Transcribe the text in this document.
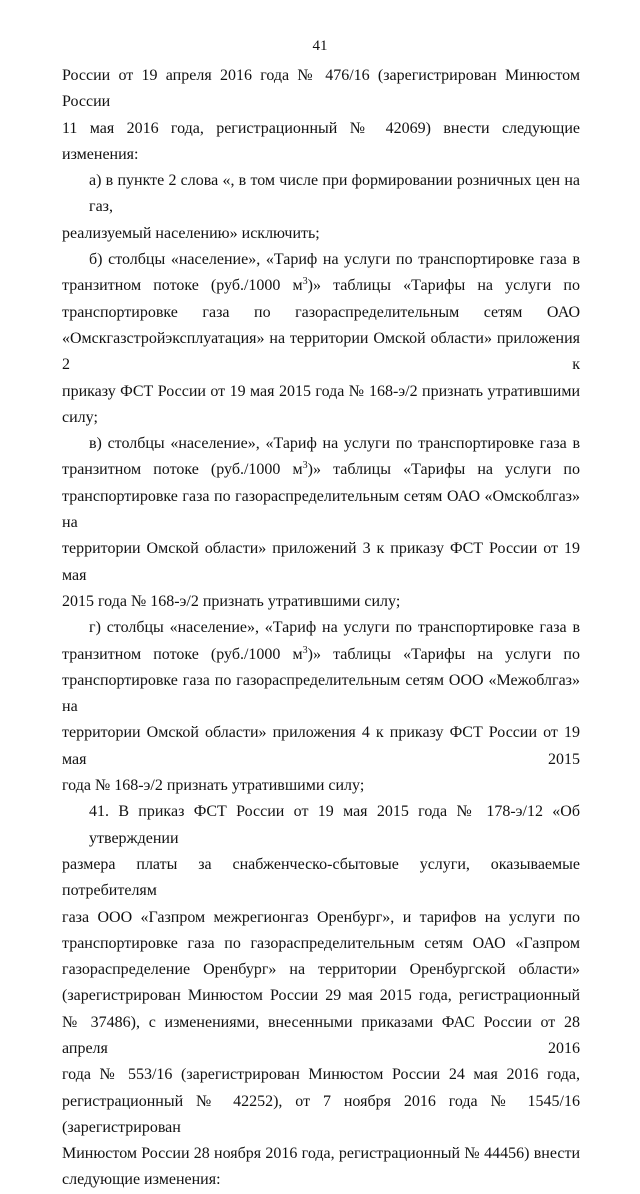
41

России от 19 апреля 2016 года № 476/16 (зарегистрирован Минюстом России
11 мая 2016 года, регистрационный № 42069) внести следующие изменения:

а) в пункте 2 слова «, в том числе при формировании розничных цен на газ,
реализуемый населению» исключить;

б) столбцы «население», «Тариф на услуги по транспортировке газа в
транзитном потоке (руб./1000 $м^3$)» таблицы «Тарифы на услуги по
транспортировке газа по газораспределительным сетям ОАО
«Омскгазстройэксплуатация» на территории Омской области» приложения 2 к
приказу ФСТ России от 19 мая 2015 года № 168-э/2 признать утратившими силу;

в) столбцы «население», «Тариф на услуги по транспортировке газа в
транзитном потоке (руб./1000 $м^3$)» таблицы «Тарифы на услуги по
транспортировке газа по газораспределительным сетям ОАО «Омскоблгаз» на
территории Омской области» приложений 3 к приказу ФСТ России от 19 мая
2015 года № 168-э/2 признать утратившими силу;

г) столбцы «население», «Тариф на услуги по транспортировке газа в
транзитном потоке (руб./1000 $м^3$)» таблицы «Тарифы на услуги по
транспортировке газа по газораспределительным сетям ООО «Межоблгаз» на
территории Омской области» приложения 4 к приказу ФСТ России от 19 мая 2015
года № 168-э/2 признать утратившими силу;

41. В приказ ФСТ России от 19 мая 2015 года № 178-э/12 «Об утверждении
размера платы за снабженческо-сбытовые услуги, оказываемые потребителям
газа ООО «Газпром межрегионгаз Оренбург», и тарифов на услуги по
транспортировке газа по газораспределительным сетям ОАО «Газпром
газораспределение Оренбург» на территории Оренбургской области»
(зарегистрирован Минюстом России 29 мая 2015 года, регистрационный
№ 37486), с изменениями, внесенными приказами ФАС России от 28 апреля 2016
года № 553/16 (зарегистрирован Минюстом России 24 мая 2016 года,
регистрационный № 42252), от 7 ноября 2016 года № 1545/16 (зарегистрирован
Минюстом России 28 ноября 2016 года, регистрационный № 44456) внести
следующие изменения:
